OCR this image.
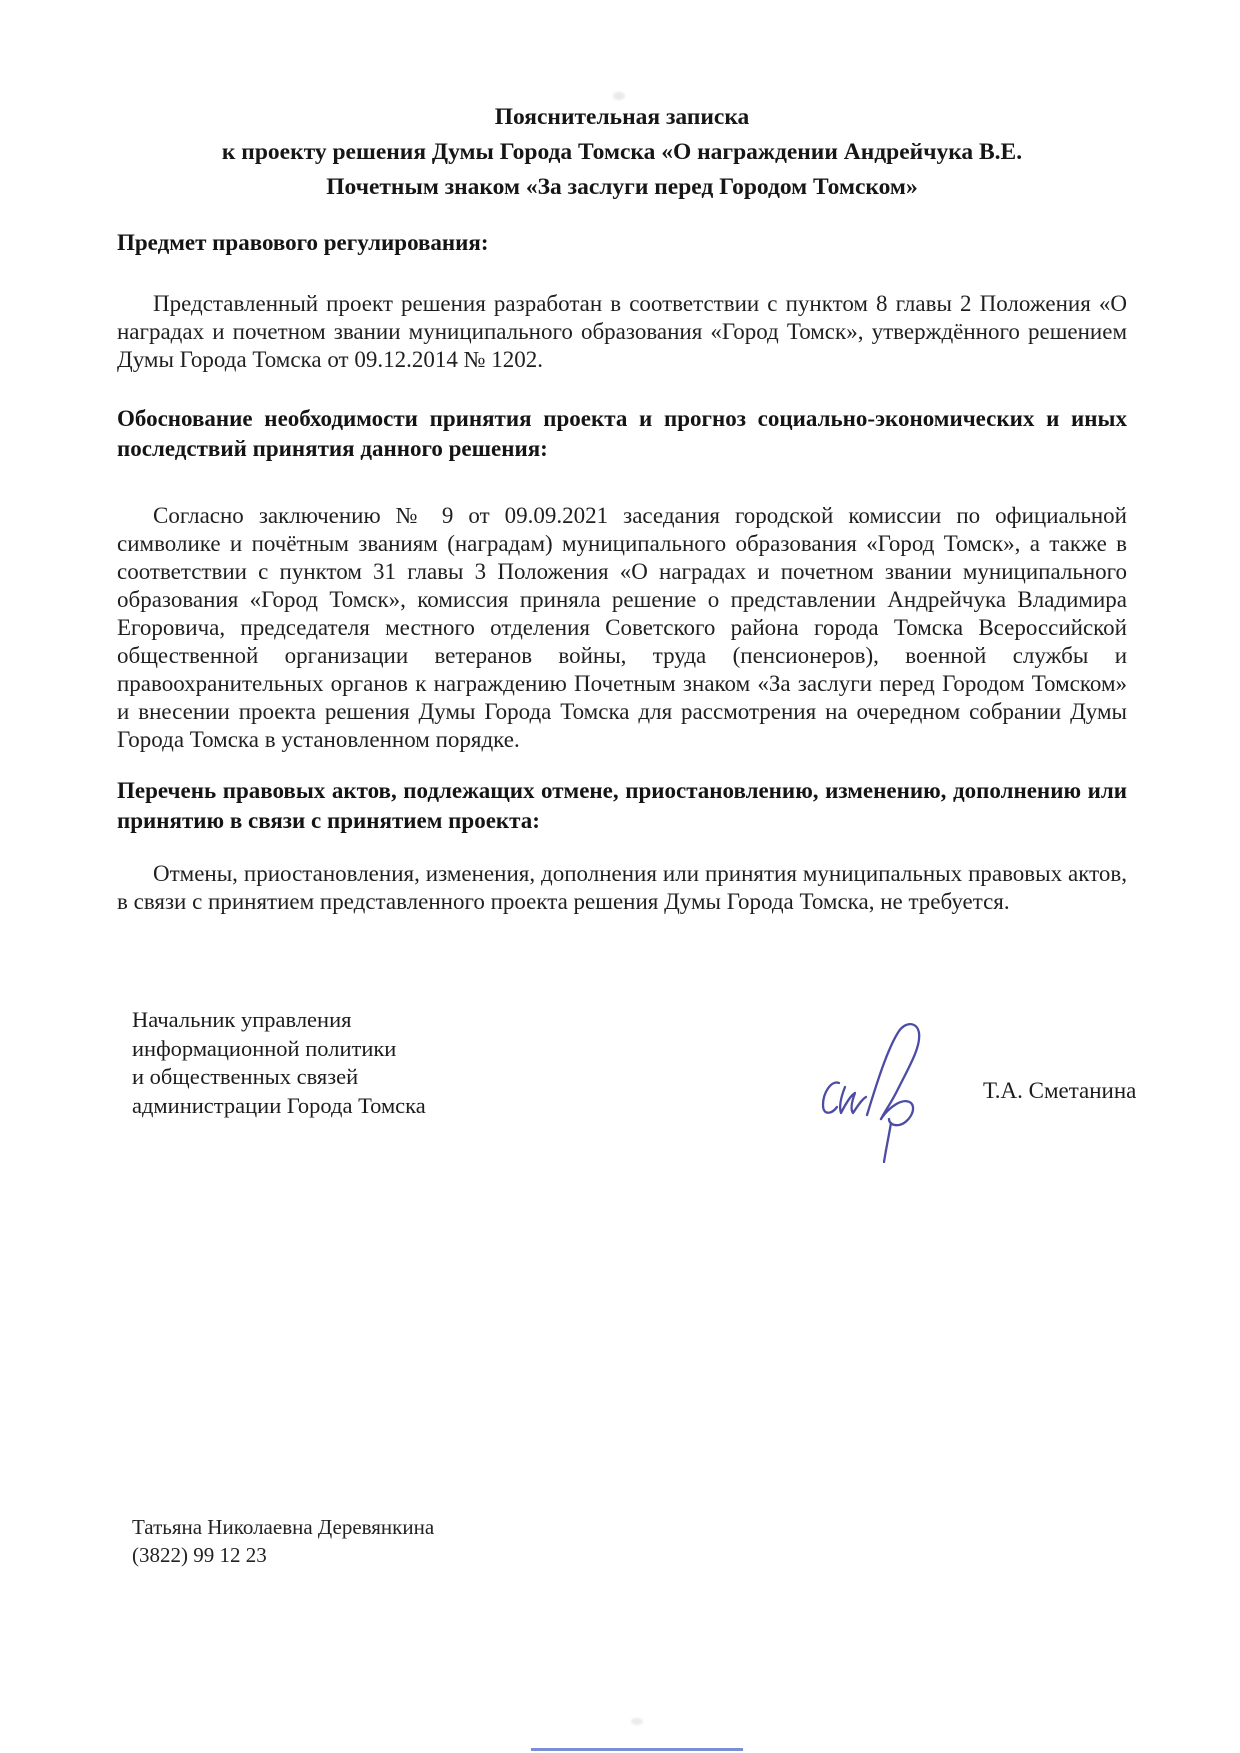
Пояснительная записка
к проекту решения Думы Города Томска «О награждении Андрейчука В.Е.
Почетным знаком «За заслуги перед Городом Томском»
Предмет правового регулирования:

Представленный проект решения разработан в соответствии с пунктом 8 главы 2 Положения «О наградах и почетном звании муниципального образования «Город Томск», утверждённого решением Думы Города Томска от 09.12.2014 № 1202.

Обоснование необходимости принятия проекта и прогноз социально-экономических и иных последствий принятия данного решения:

Согласно заключению № 9 от 09.09.2021 заседания городской комиссии по официальной символике и почётным званиям (наградам) муниципального образования «Город Томск», а также в соответствии с пунктом 31 главы 3 Положения «О наградах и почетном звании муниципального образования «Город Томск», комиссия приняла решение о представлении Андрейчука Владимира Егоровича, председателя местного отделения Советского района города Томска Всероссийской общественной организации ветеранов войны, труда (пенсионеров), военной службы и правоохранительных органов к награждению Почетным знаком «За заслуги перед Городом Томском» и внесении проекта решения Думы Города Томска для рассмотрения на очередном собрании Думы Города Томска в установленном порядке.

Перечень правовых актов, подлежащих отмене, приостановлению, изменению, дополнению или принятию в связи с принятием проекта:

Отмены, приостановления, изменения, дополнения или принятия муниципальных правовых актов, в связи с принятием представленного проекта решения Думы Города Томска, не требуется.

Начальник управления
информационной политики
и общественных связей
администрации Города Томска
Т.А. Сметанина
Татьяна Николаевна Деревянкина
(3822) 99 12 23
